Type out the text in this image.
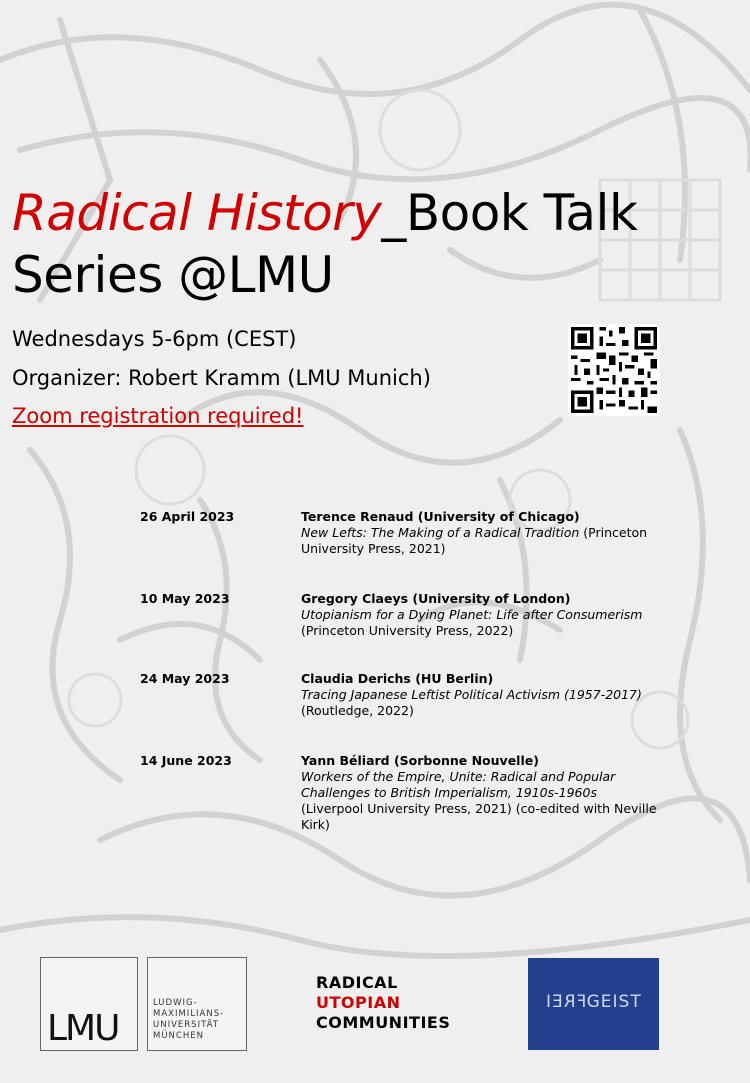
Radical History_Book Talk
Series @LMU
Wednesdays 5-6pm (CEST)
Organizer: Robert Kramm (LMU Munich)
Zoom registration required!
26 April 2023	Terence Renaud (University of Chicago)
New Lefts: The Making of a Radical Tradition (Princeton University Press, 2021)
10 May 2023	Gregory Claeys (University of London)
Utopianism for a Dying Planet: Life after Consumerism (Princeton University Press, 2022)
24 May 2023	Claudia Derichs (HU Berlin)
Tracing Japanese Leftist Political Activism (1957-2017) (Routledge, 2022)
14 June 2023	Yann Béliard (Sorbonne Nouvelle)
Workers of the Empire, Unite: Radical and Popular Challenges to British Imperialism, 1910s-1960s (Liverpool University Press, 2021) (co-edited with Neville Kirk)
LMU
LUDWIG-
MAXIMILIANS-
UNIVERSITÄT
MÜNCHEN
RADICAL
UTOPIAN
COMMUNITIES
FREIGEIST
